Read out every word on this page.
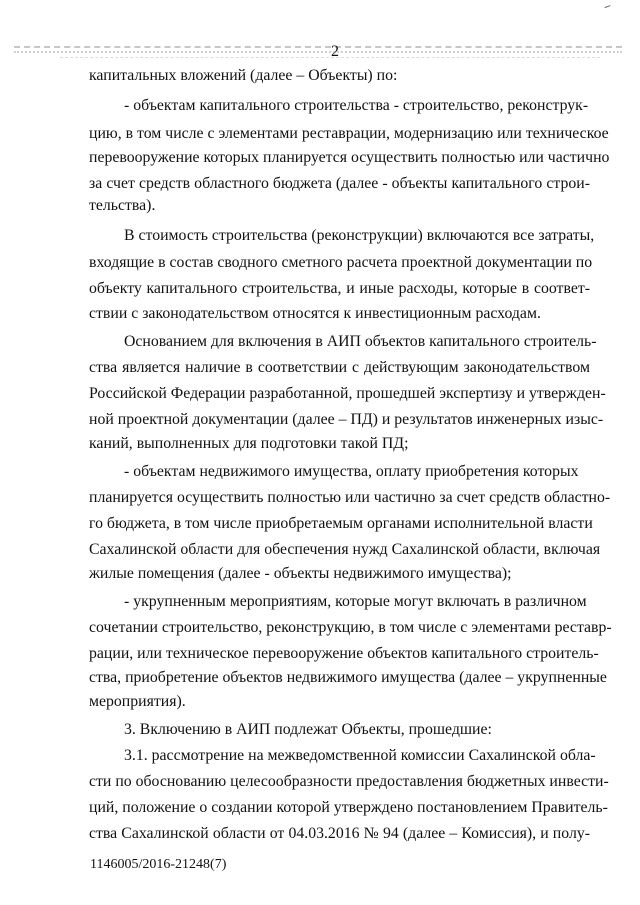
2
капитальных вложений (далее – Объекты) по:
- объектам капитального строительства - строительство, реконструк-
цию, в том числе с элементами реставрации, модернизацию или техническое
перевооружение которых планируется осуществить полностью или частично
за счет средств областного бюджета (далее - объекты капитального строи-
тельства).
В стоимость строительства (реконструкции) включаются все затраты,
входящие в состав сводного сметного расчета проектной документации по
объекту капитального строительства, и иные расходы, которые в соответ-
ствии с законодательством относятся к инвестиционным расходам.
Основанием для включения в АИП объектов капитального строитель-
ства является наличие в соответствии с действующим законодательством
Российской Федерации разработанной, прошедшей экспертизу и утвержден-
ной проектной документации (далее – ПД) и результатов инженерных изыс-
каний, выполненных для подготовки такой ПД;
- объектам недвижимого имущества, оплату приобретения которых
планируется осуществить полностью или частично за счет средств областно-
го бюджета, в том числе приобретаемым органами исполнительной власти
Сахалинской области для обеспечения нужд Сахалинской области, включая
жилые помещения (далее - объекты недвижимого имущества);
- укрупненным мероприятиям, которые могут включать в различном
сочетании строительство, реконструкцию, в том числе с элементами реставр-
рации, или техническое перевооружение объектов капитального строитель-
ства, приобретение объектов недвижимого имущества (далее – укрупненные
мероприятия).
3. Включению в АИП подлежат Объекты, прошедшие:
3.1. рассмотрение на межведомственной комиссии Сахалинской обла-
сти по обоснованию целесообразности предоставления бюджетных инвести-
ций, положение о создании которой утверждено постановлением Правитель-
ства Сахалинской области от 04.03.2016 № 94 (далее – Комиссия), и полу-
1146005/2016-21248(7)
